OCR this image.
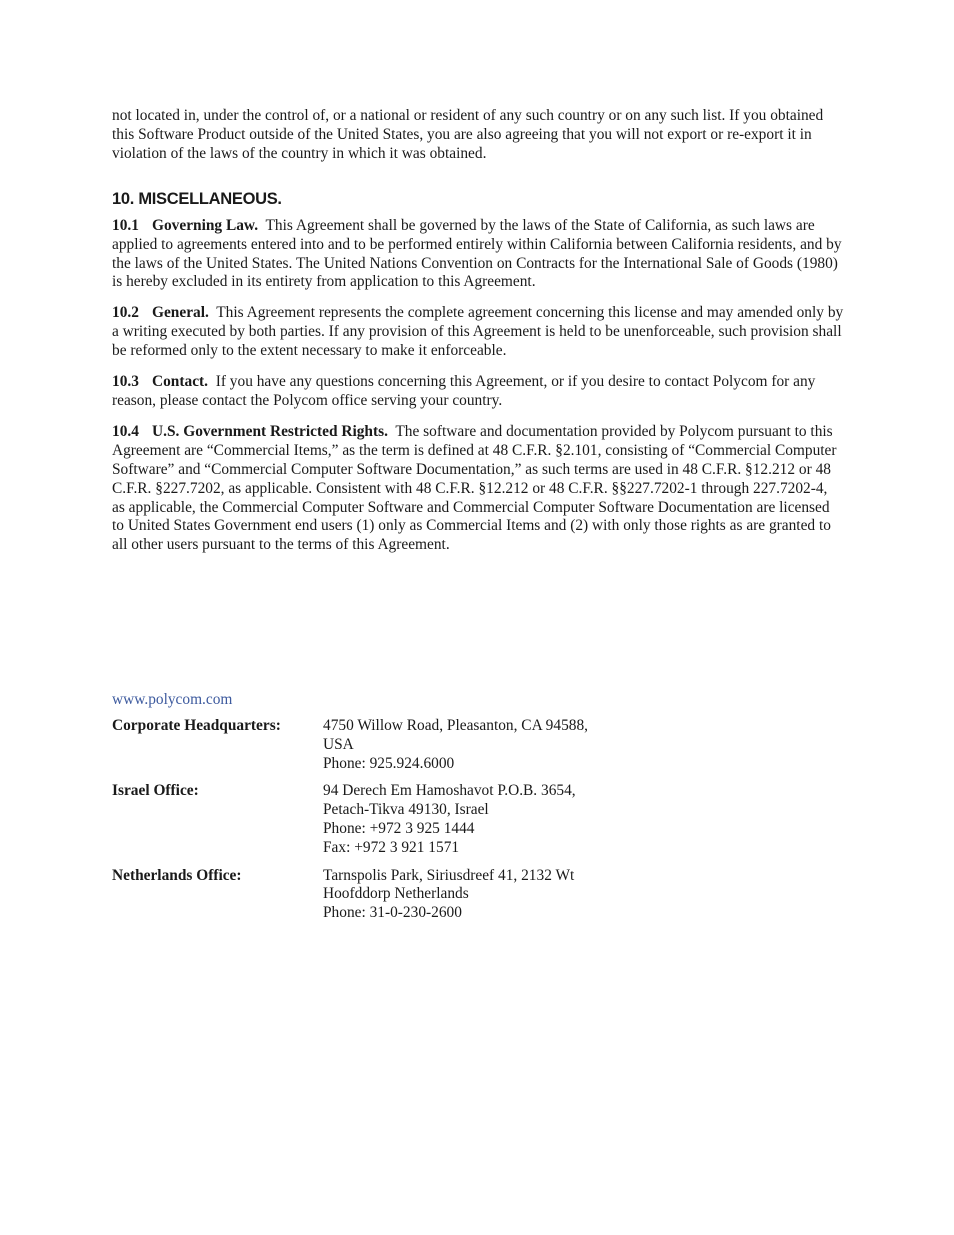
not located in, under the control of, or a national or resident of any such country or on any such list. If you obtained this Software Product outside of the United States, you are also agreeing that you will not export or re-export it in violation of the laws of the country in which it was obtained.

10. MISCELLANEOUS.

10.1 Governing Law. This Agreement shall be governed by the laws of the State of California, as such laws are applied to agreements entered into and to be performed entirely within California between California residents, and by the laws of the United States. The United Nations Convention on Contracts for the International Sale of Goods (1980) is hereby excluded in its entirety from application to this Agreement.

10.2 General. This Agreement represents the complete agreement concerning this license and may amended only by a writing executed by both parties. If any provision of this Agreement is held to be unenforceable, such provision shall be reformed only to the extent necessary to make it enforceable.

10.3 Contact. If you have any questions concerning this Agreement, or if you desire to contact Polycom for any reason, please contact the Polycom office serving your country.

10.4 U.S. Government Restricted Rights. The software and documentation provided by Polycom pursuant to this Agreement are “Commercial Items,” as the term is defined at 48 C.F.R. §2.101, consisting of “Commercial Computer Software” and “Commercial Computer Software Documentation,” as such terms are used in 48 C.F.R. §12.212 or 48 C.F.R. §227.7202, as applicable. Consistent with 48 C.F.R. §12.212 or 48 C.F.R. §§227.7202-1 through 227.7202-4, as applicable, the Commercial Computer Software and Commercial Computer Software Documentation are licensed to United States Government end users (1) only as Commercial Items and (2) with only those rights as are granted to all other users pursuant to the terms of this Agreement.

www.polycom.com
Corporate Headquarters:	4750 Willow Road, Pleasanton, CA 94588,
USA
Phone: 925.924.6000
Israel Office:	94 Derech Em Hamoshavot P.O.B. 3654,
Petach-Tikva 49130, Israel
Phone: +972 3 925 1444
Fax: +972 3 921 1571
Netherlands Office:	Tarnspolis Park, Siriusdreef 41, 2132 Wt
Hoofddorp Netherlands
Phone: 31-0-230-2600
